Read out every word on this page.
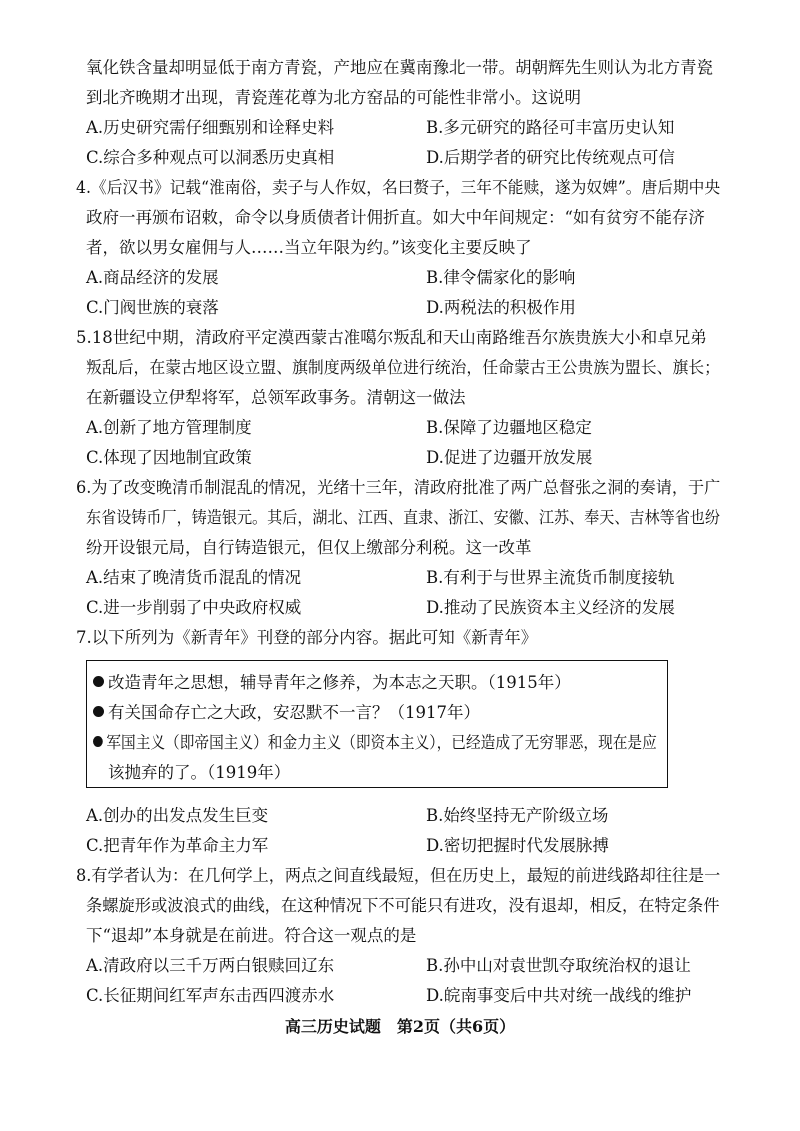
氧化铁含量却明显低于南方青瓷，产地应在冀南豫北一带。胡朝辉先生则认为北方青瓷
到北齐晚期才出现，青瓷莲花尊为北方窑品的可能性非常小。这说明
A.历史研究需仔细甄别和诠释史料	B.多元研究的路径可丰富历史认知
C.综合多种观点可以洞悉历史真相	D.后期学者的研究比传统观点可信
4.《后汉书》记载“淮南俗，卖子与人作奴，名曰赘子，三年不能赎，遂为奴婢”。唐后期中央
政府一再颁布诏敕，命令以身质债者计佣折直。如大中年间规定：“如有贫穷不能存济
者，欲以男女雇佣与人……当立年限为约。”该变化主要反映了
A.商品经济的发展	B.律令儒家化的影响
C.门阀世族的衰落	D.两税法的积极作用
5.18世纪中期，清政府平定漠西蒙古准噶尔叛乱和天山南路维吾尔族贵族大小和卓兄弟
叛乱后，在蒙古地区设立盟、旗制度两级单位进行统治，任命蒙古王公贵族为盟长、旗长；
在新疆设立伊犁将军，总领军政事务。清朝这一做法
A.创新了地方管理制度	B.保障了边疆地区稳定
C.体现了因地制宜政策	D.促进了边疆开放发展
6.为了改变晚清币制混乱的情况，光绪十三年，清政府批准了两广总督张之洞的奏请，于广
东省设铸币厂，铸造银元。其后，湖北、江西、直隶、浙江、安徽、江苏、奉天、吉林等省也纷
纷开设银元局，自行铸造银元，但仅上缴部分利税。这一改革
A.结束了晚清货币混乱的情况	B.有利于与世界主流货币制度接轨
C.进一步削弱了中央政府权威	D.推动了民族资本主义经济的发展
7.以下所列为《新青年》刊登的部分内容。据此可知《新青年》
改造青年之思想，辅导青年之修养，为本志之天职。（1915年）
有关国命存亡之大政，安忍默不一言？（1917年）
军国主义（即帝国主义）和金力主义（即资本主义），已经造成了无穷罪恶，现在是应
该抛弃的了。（1919年）
A.创办的出发点发生巨变	B.始终坚持无产阶级立场
C.把青年作为革命主力军	D.密切把握时代发展脉搏
8.有学者认为：在几何学上，两点之间直线最短，但在历史上，最短的前进线路却往往是一
条螺旋形或波浪式的曲线，在这种情况下不可能只有进攻，没有退却，相反，在特定条件
下“退却”本身就是在前进。符合这一观点的是
A.清政府以三千万两白银赎回辽东	B.孙中山对袁世凯夺取统治权的退让
C.长征期间红军声东击西四渡赤水	D.皖南事变后中共对统一战线的维护
高三历史试题　第2页（共6页）
